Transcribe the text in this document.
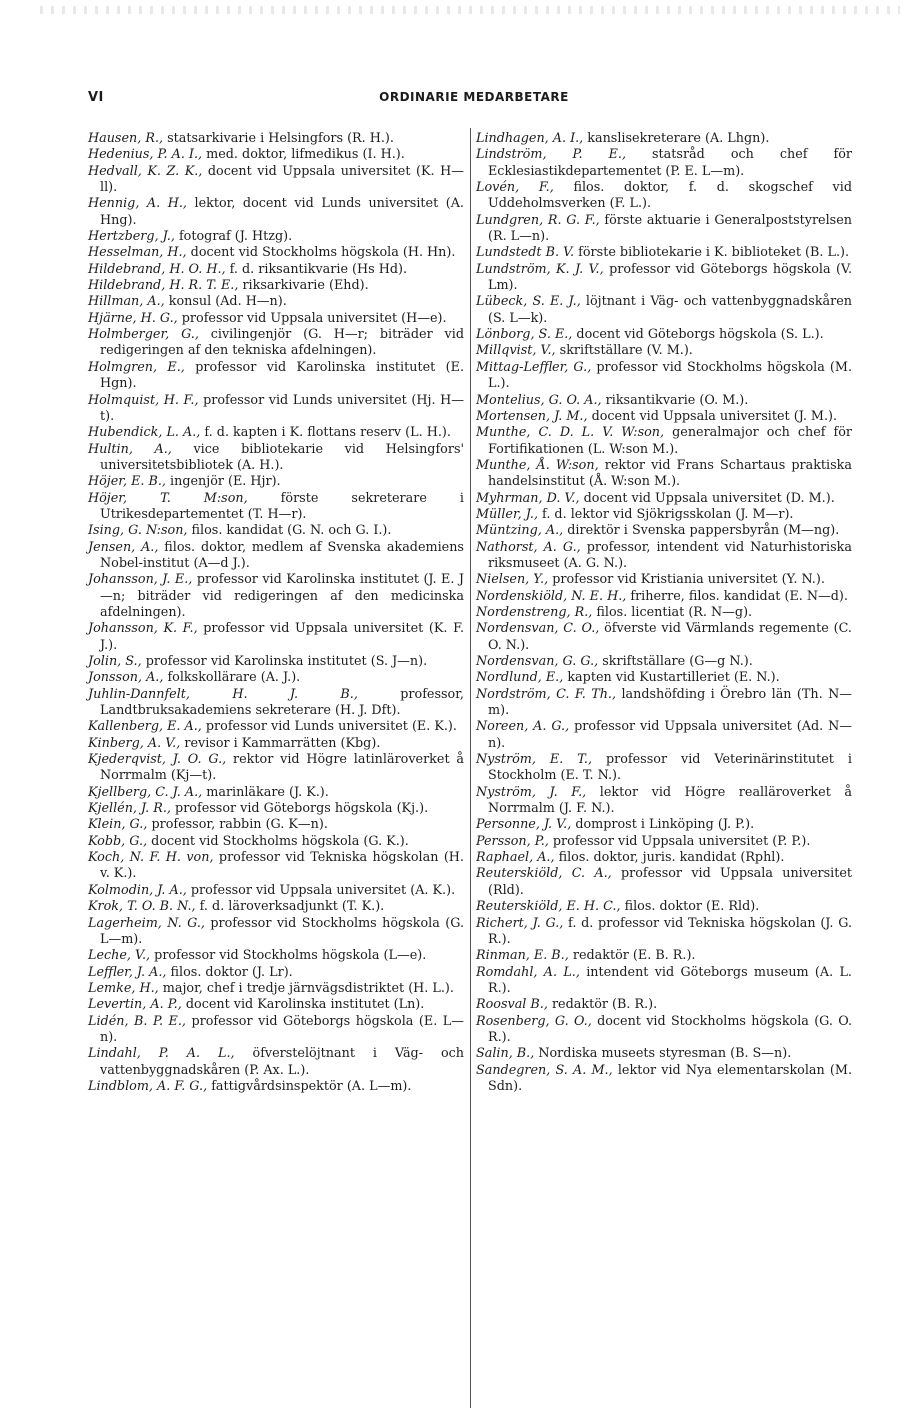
VI	ORDINARIE MEDARBETARE

Hausen, R., statsarkivarie i Helsingfors (R. H.).

Hedenius, P. A. I., med. doktor, lifmedikus (I. H.).

Hedvall, K. Z. K., docent vid Uppsala universitet (K. H—ll).

Hennig, A. H., lektor, docent vid Lunds universitet (A. Hng).

Hertzberg, J., fotograf (J. Htzg).

Hesselman, H., docent vid Stockholms högskola (H. Hn).

Hildebrand, H. O. H., f. d. riksantikvarie (Hs Hd).

Hildebrand, H. R. T. E., riksarkivarie (Ehd).

Hillman, A., konsul (Ad. H—n).

Hjärne, H. G., professor vid Uppsala universitet (H—e).

Holmberger, G., civilingenjör (G. H—r; biträder vid redigeringen af den tekniska afdelningen).

Holmgren, E., professor vid Karolinska institutet (E. Hgn).

Holmquist, H. F., professor vid Lunds universitet (Hj. H—t).

Hubendick, L. A., f. d. kapten i K. flottans reserv (L. H.).

Hultin, A., vice bibliotekarie vid Helsingfors' universitetsbibliotek (A. H.).

Höjer, E. B., ingenjör (E. Hjr).

Höjer, T. M:son, förste sekreterare i Utrikesdepartementet (T. H—r).

Ising, G. N:son, filos. kandidat (G. N. och G. I.).

Jensen, A., filos. doktor, medlem af Svenska akademiens Nobel-institut (A—d J.).

Johansson, J. E., professor vid Karolinska institutet (J. E. J—n; biträder vid redigeringen af den medicinska afdelningen).

Johansson, K. F., professor vid Uppsala universitet (K. F. J.).

Jolin, S., professor vid Karolinska institutet (S. J—n).

Jonsson, A., folkskollärare (A. J.).

Juhlin-Dannfelt, H. J. B., professor, Landtbruksakademiens sekreterare (H. J. Dft).

Kallenberg, E. A., professor vid Lunds universitet (E. K.).

Kinberg, A. V., revisor i Kammarrätten (Kbg).

Kjederqvist, J. O. G., rektor vid Högre latinläroverket å Norrmalm (Kj—t).

Kjellberg, C. J. A., marinläkare (J. K.).

Kjellén, J. R., professor vid Göteborgs högskola (Kj.).

Klein, G., professor, rabbin (G. K—n).

Kobb, G., docent vid Stockholms högskola (G. K.).

Koch, N. F. H. von, professor vid Tekniska högskolan (H. v. K.).

Kolmodin, J. A., professor vid Uppsala universitet (A. K.).

Krok, T. O. B. N., f. d. läroverksadjunkt (T. K.).

Lagerheim, N. G., professor vid Stockholms högskola (G. L—m).

Leche, V., professor vid Stockholms högskola (L—e).

Leffler, J. A., filos. doktor (J. Lr).

Lemke, H., major, chef i tredje järnvägsdistriktet (H. L.).

Levertin, A. P., docent vid Karolinska institutet (Ln).

Lidén, B. P. E., professor vid Göteborgs högskola (E. L—n).

Lindahl, P. A. L., öfverstelöjtnant i Väg- och vattenbyggnadskåren (P. Ax. L.).

Lindblom, A. F. G., fattigvårdsinspektör (A. L—m).

Lindhagen, A. I., kanslisekreterare (A. Lhgn).

Lindström, P. E., statsråd och chef för Ecklesiastikdepartementet (P. E. L—m).

Lovén, F., filos. doktor, f. d. skogschef vid Uddeholmsverken (F. L.).

Lundgren, R. G. F., förste aktuarie i Generalpoststyrelsen (R. L—n).

Lundstedt B. V. förste bibliotekarie i K. biblioteket (B. L.).

Lundström, K. J. V., professor vid Göteborgs högskola (V. Lm).

Lübeck, S. E. J., löjtnant i Väg- och vattenbyggnadskåren (S. L—k).

Lönborg, S. E., docent vid Göteborgs högskola (S. L.).

Millqvist, V., skriftställare (V. M.).

Mittag-Leffler, G., professor vid Stockholms högskola (M. L.).

Montelius, G. O. A., riksantikvarie (O. M.).

Mortensen, J. M., docent vid Uppsala universitet (J. M.).

Munthe, C. D. L. V. W:son, generalmajor och chef för Fortifikationen (L. W:son M.).

Munthe, Å. W:son, rektor vid Frans Schartaus praktiska handelsinstitut (Å. W:son M.).

Myhrman, D. V., docent vid Uppsala universitet (D. M.).

Müller, J., f. d. lektor vid Sjökrigsskolan (J. M—r).

Müntzing, A., direktör i Svenska pappersbyrån (M—ng).

Nathorst, A. G., professor, intendent vid Naturhistoriska riksmuseet (A. G. N.).

Nielsen, Y., professor vid Kristiania universitet (Y. N.).

Nordenskiöld, N. E. H., friherre, filos. kandidat (E. N—d).

Nordenstreng, R., filos. licentiat (R. N—g).

Nordensvan, C. O., öfverste vid Värmlands regemente (C. O. N.).

Nordensvan, G. G., skriftställare (G—g N.).

Nordlund, E., kapten vid Kustartilleriet (E. N.).

Nordström, C. F. Th., landshöfding i Örebro län (Th. N—m).

Noreen, A. G., professor vid Uppsala universitet (Ad. N—n).

Nyström, E. T., professor vid Veterinärinstitutet i Stockholm (E. T. N.).

Nyström, J. F., lektor vid Högre realläroverket å Norrmalm (J. F. N.).

Personne, J. V., domprost i Linköping (J. P.).

Persson, P., professor vid Uppsala universitet (P. P.).

Raphael, A., filos. doktor, juris. kandidat (Rphl).

Reuterskiöld, C. A., professor vid Uppsala universitet (Rld).

Reuterskiöld, E. H. C., filos. doktor (E. Rld).

Richert, J. G., f. d. professor vid Tekniska högskolan (J. G. R.).

Rinman, E. B., redaktör (E. B. R.).

Romdahl, A. L., intendent vid Göteborgs museum (A. L. R.).

Roosval B., redaktör (B. R.).

Rosenberg, G. O., docent vid Stockholms högskola (G. O. R.).

Salin, B., Nordiska museets styresman (B. S—n).

Sandegren, S. A. M., lektor vid Nya elementarskolan (M. Sdn).
